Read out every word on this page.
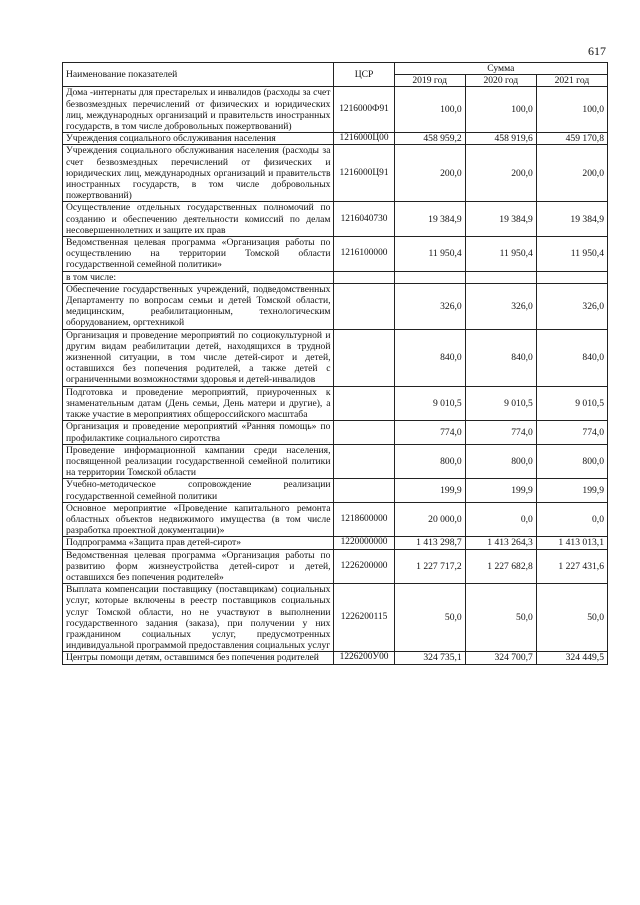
617
Наименование показателей	ЦСР	Сумма		
		2019 год	2020 год	2021 год
Дома -интернаты для престарелых и инвалидов (расходы за счет безвозмездных перечислений от физических и юридических лиц, международных организаций и правительств иностранных государств, в том числе добровольных пожертвований)	1216000Ф91	100,0	100,0	100,0
Учреждения социального обслуживания населения	1216000Ц00	458 959,2	458 919,6	459 170,8
Учреждения социального обслуживания населения (расходы за счет безвозмездных перечислений от физических и юридических лиц, международных организаций и правительств иностранных государств, в том числе добровольных пожертвований)	1216000Ц91	200,0	200,0	200,0
Осуществление отдельных государственных полномочий по созданию и обеспечению деятельности комиссий по делам несовершеннолетних и защите их прав	1216040730	19 384,9	19 384,9	19 384,9
Ведомственная целевая программа «Организация работы по осуществлению на территории Томской области государственной семейной политики»	1216100000	11 950,4	11 950,4	11 950,4
в том числе:				
Обеспечение государственных учреждений, подведомственных Департаменту по вопросам семьи и детей Томской области, медицинским, реабилитационным, технологическим оборудованием, оргтехникой		326,0	326,0	326,0
Организация и проведение мероприятий по социокультурной и другим видам реабилитации детей, находящихся в трудной жизненной ситуации, в том числе детей-сирот и детей, оставшихся без попечения родителей, а также детей с ограниченными возможностями здоровья и детей-инвалидов		840,0	840,0	840,0
Подготовка и проведение мероприятий, приуроченных к знаменательным датам (День семьи, День матери и другие), а также участие в мероприятиях общероссийского масштаба		9 010,5	9 010,5	9 010,5
Организация и проведение мероприятий «Ранняя помощь» по профилактике социального сиротства		774,0	774,0	774,0
Проведение информационной кампании среди населения, посвященной реализации государственной семейной политики на территории Томской области		800,0	800,0	800,0
Учебно-методическое сопровождение реализации государственной семейной политики		199,9	199,9	199,9
Основное мероприятие «Проведение капитального ремонта областных объектов недвижимого имущества (в том числе разработка проектной документации)»	1218600000	20 000,0	0,0	0,0
Подпрограмма «Защита прав детей-сирот»	1220000000	1 413 298,7	1 413 264,3	1 413 013,1
Ведомственная целевая программа «Организация работы по развитию форм жизнеустройства детей-сирот и детей, оставшихся без попечения родителей»	1226200000	1 227 717,2	1 227 682,8	1 227 431,6
Выплата компенсации поставщику (поставщикам) социальных услуг, которые включены в реестр поставщиков социальных услуг Томской области, но не участвуют в выполнении государственного задания (заказа), при получении у них гражданином социальных услуг, предусмотренных индивидуальной программой предоставления социальных услуг	1226200115	50,0	50,0	50,0
Центры помощи детям, оставшимся без попечения родителей	1226200У00	324 735,1	324 700,7	324 449,5
